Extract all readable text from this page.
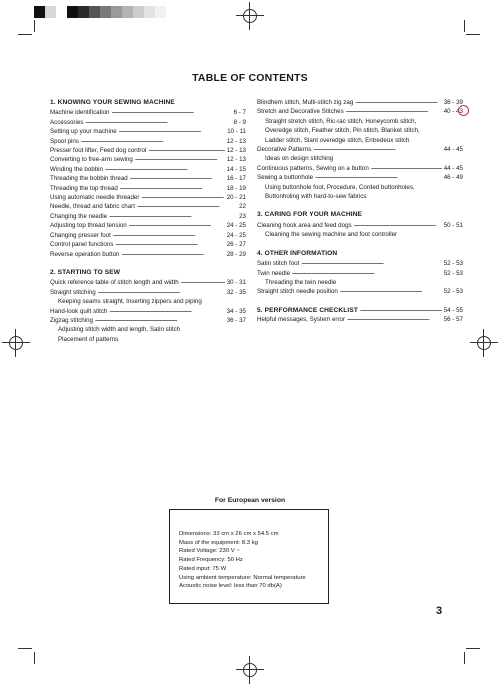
TABLE OF CONTENTS
1. KNOWING YOUR SEWING MACHINE
Machine identification - - -	6 - 7
Accessories - - -	8 - 9
Setting up your machine - - -	10 - 11
Spool pins - - -	12 - 13
Presser foot lifter, Feed dog control - - -	12 - 13
Converting to free-arm sewing - - -	12 - 13
Winding the bobbin - - -	14 - 15
Threading the bobbin thread - - -	16 - 17
Threading the top thread - - -	18 - 19
Using automatic needle threader - - -	20 - 21
Needle, thread and fabric chart - - -	22
Changing the needle - - -	23
Adjusting top thread tension - - -	24 - 25
Changing presser foot - - -	24 - 25
Control panel functions - - -	26 - 27
Reverse operation button - - -	28 - 29
2. STARTING TO SEW
Quick reference table of stitch length and width - - -	30 - 31
Straight stitching - - -	32 - 35
Keeping seams straight, Inserting zippers and piping
Hand-look quilt stitch - - -	34 - 35
Zigzag stitching - - -	36 - 37
Adjusting stitch width and length, Satin stitch
Placement of patterns
Blindhem stitch, Multi-stitch zig zag - - -	38 - 39
Stretch and Decorative Stitches - - -	40 - 43
Straight stretch stitch, Ric-rac stitch, Honeycomb stitch,
Overedge stitch, Feather stitch, Pin stitch, Blanket stitch,
Ladder stitch, Slant overedge stitch, Entredeux stitch
Decorative Patterns - - -	44 - 45
Ideas on design stitching
Continuous patterns, Sewing on a button - - -	44 - 45
Sewing a buttonhole - - -	46 - 49
Using buttonhole foot, Procedure, Corded buttonholes,
Buttonholing with hard-to-sew fabrics
3. CARING FOR YOUR MACHINE
Cleaning hook area and feed dogs - - -	50 - 51
Cleaning the sewing machine and foot controller
4. OTHER INFORMATION
Satin stitch foot - - -	52 - 53
Twin needle - - -	52 - 53
Threading the twin needle
Straight stitch needle position - - -	52 - 53
5. PERFORMANCE CHECKLIST - - -	54 - 55
Helpful messages, System error - - -	56 - 57
For European version
Dimensions: 33 cm x 26 cm x 54.5 cm
Mass of the equipment: 8.3 kg
Rated Voltage: 230 V ~
Rated Frequency: 50 Hz
Rated input: 75 W
Using ambient temperature: Normal temperature
Acoustic noise level: less than 70 db(A)
3
